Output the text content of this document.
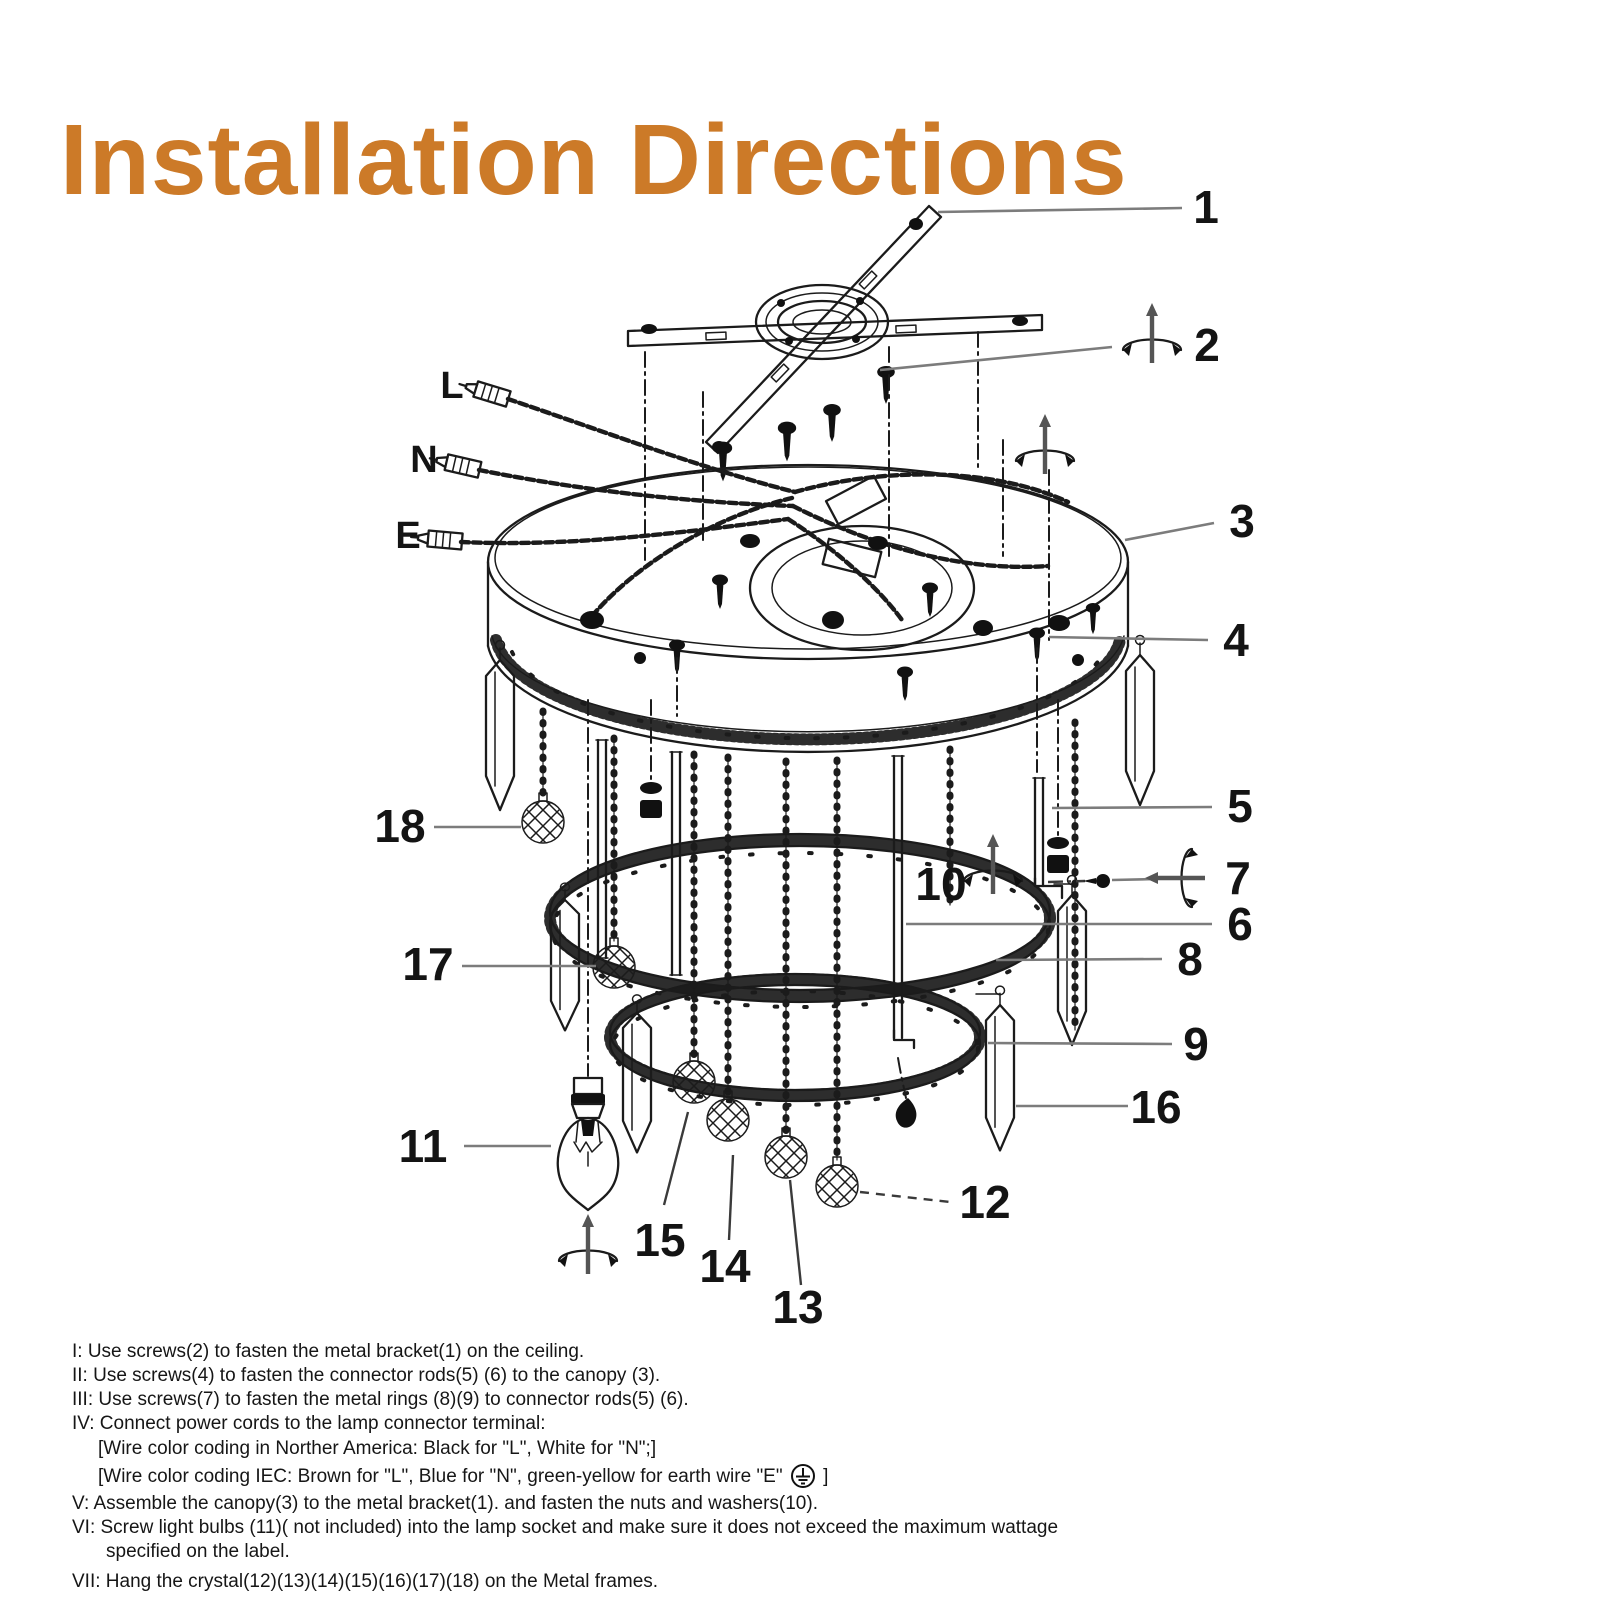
Installation Directions 1
2
3
4
5
6
7
8
9
10
11
12
13
14
15
16
17
18
L
N
E
I: Use screws(2) to fasten the metal bracket(1) on the ceiling.
II: Use screws(4) to fasten the connector rods(5) (6) to the canopy (3).
III: Use screws(7) to fasten the metal rings (8)(9) to connector rods(5) (6).
IV: Connect power cords to the lamp connector terminal:
[Wire color coding in Norther America: Black for "L", White for "N";]
[Wire color coding IEC: Brown for "L", Blue for "N", green-yellow for earth wire "E"  ]
V: Assemble the canopy(3) to the metal bracket(1). and fasten the nuts and washers(10).
VI: Screw light bulbs (11)( not included) into the lamp socket and make sure it does not exceed the maximum wattage
specified on the label.
VII: Hang the crystal(12)(13)(14)(15)(16)(17)(18) on the Metal frames.
